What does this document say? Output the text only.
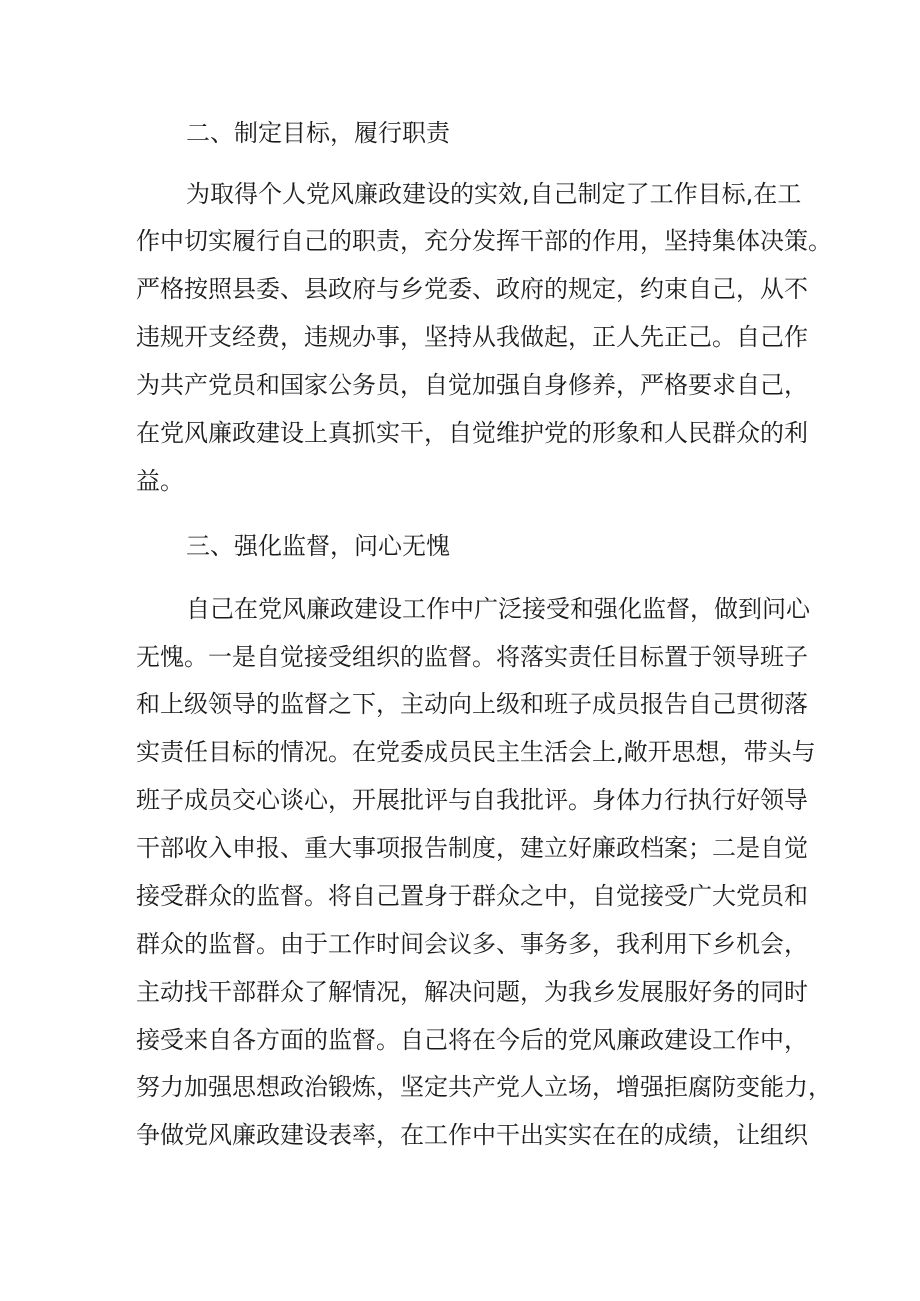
二、制定目标，履行职责
为取得个人党风廉政建设的实效,自己制定了工作目标,在工
作中切实履行自己的职责，充分发挥干部的作用，坚持集体决策。
严格按照县委、县政府与乡党委、政府的规定，约束自己，从不
违规开支经费，违规办事，坚持从我做起，正人先正己。自己作
为共产党员和国家公务员，自觉加强自身修养，严格要求自己，
在党风廉政建设上真抓实干，自觉维护党的形象和人民群众的利
益。
三、强化监督，问心无愧
自己在党风廉政建设工作中广泛接受和强化监督，做到问心
无愧。一是自觉接受组织的监督。将落实责任目标置于领导班子
和上级领导的监督之下，主动向上级和班子成员报告自己贯彻落
实责任目标的情况。在党委成员民主生活会上,敞开思想，带头与
班子成员交心谈心，开展批评与自我批评。身体力行执行好领导
干部收入申报、重大事项报告制度，建立好廉政档案；二是自觉
接受群众的监督。将自己置身于群众之中，自觉接受广大党员和
群众的监督。由于工作时间会议多、事务多，我利用下乡机会，
主动找干部群众了解情况，解决问题，为我乡发展服好务的同时
接受来自各方面的监督。自己将在今后的党风廉政建设工作中，
努力加强思想政治锻炼，坚定共产党人立场，增强拒腐防变能力，
争做党风廉政建设表率，在工作中干出实实在在的成绩，让组织
